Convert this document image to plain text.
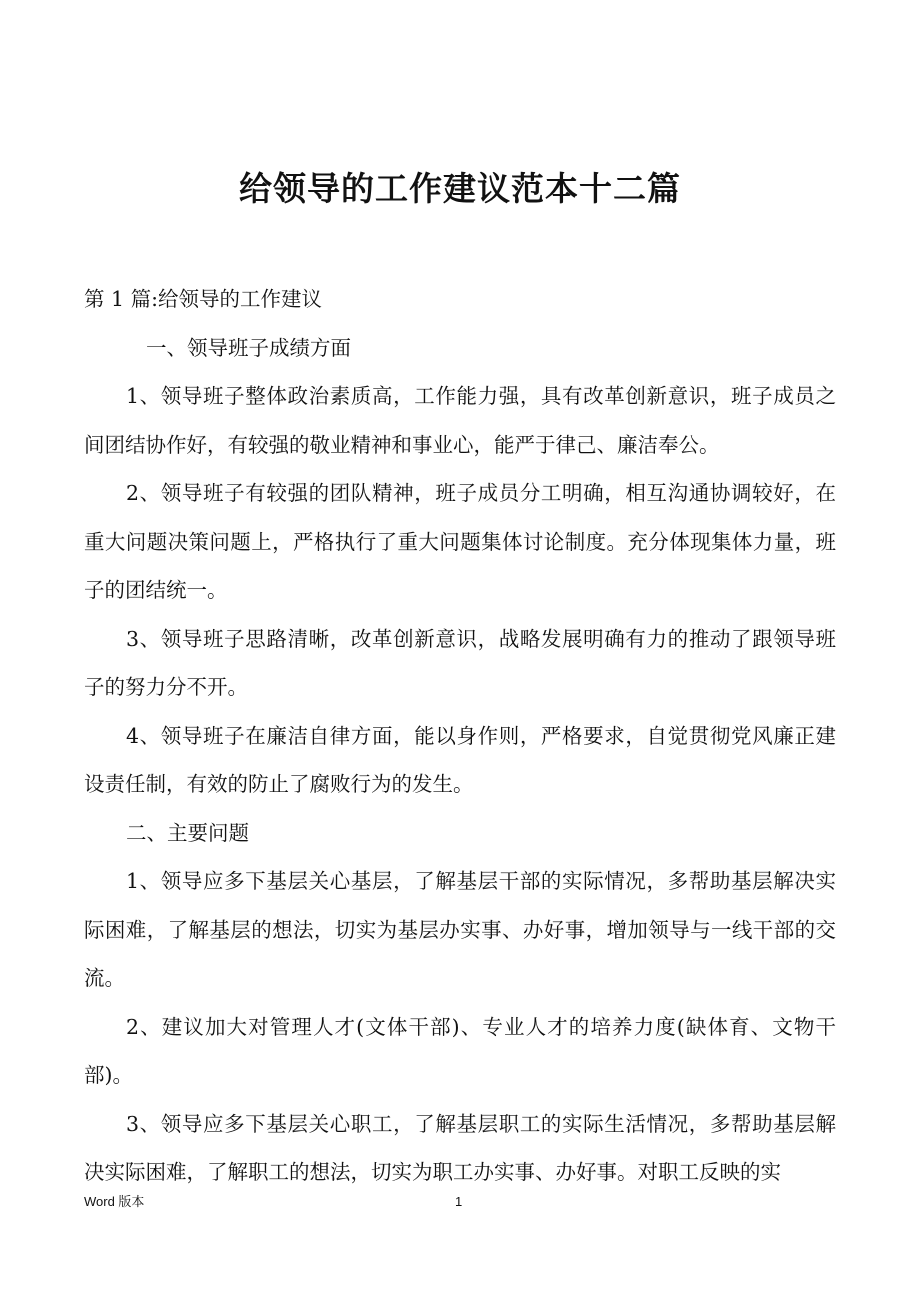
给领导的工作建议范本十二篇

第 1 篇:给领导的工作建议

一、领导班子成绩方面

1、领导班子整体政治素质高，工作能力强，具有改革创新意识，班子成员之间团结协作好，有较强的敬业精神和事业心，能严于律己、廉洁奉公。

2、领导班子有较强的团队精神，班子成员分工明确，相互沟通协调较好，在重大问题决策问题上，严格执行了重大问题集体讨论制度。充分体现集体力量，班子的团结统一。

3、领导班子思路清晰，改革创新意识，战略发展明确有力的推动了跟领导班子的努力分不开。

4、领导班子在廉洁自律方面，能以身作则，严格要求，自觉贯彻党风廉正建设责任制，有效的防止了腐败行为的发生。

二、主要问题

1、领导应多下基层关心基层，了解基层干部的实际情况，多帮助基层解决实际困难，了解基层的想法，切实为基层办实事、办好事，增加领导与一线干部的交流。

2、建议加大对管理人才(文体干部)、专业人才的培养力度(缺体育、文物干部)。

3、领导应多下基层关心职工，了解基层职工的实际生活情况，多帮助基层解决实际困难，了解职工的想法，切实为职工办实事、办好事。对职工反映的实

Word 版本	1
